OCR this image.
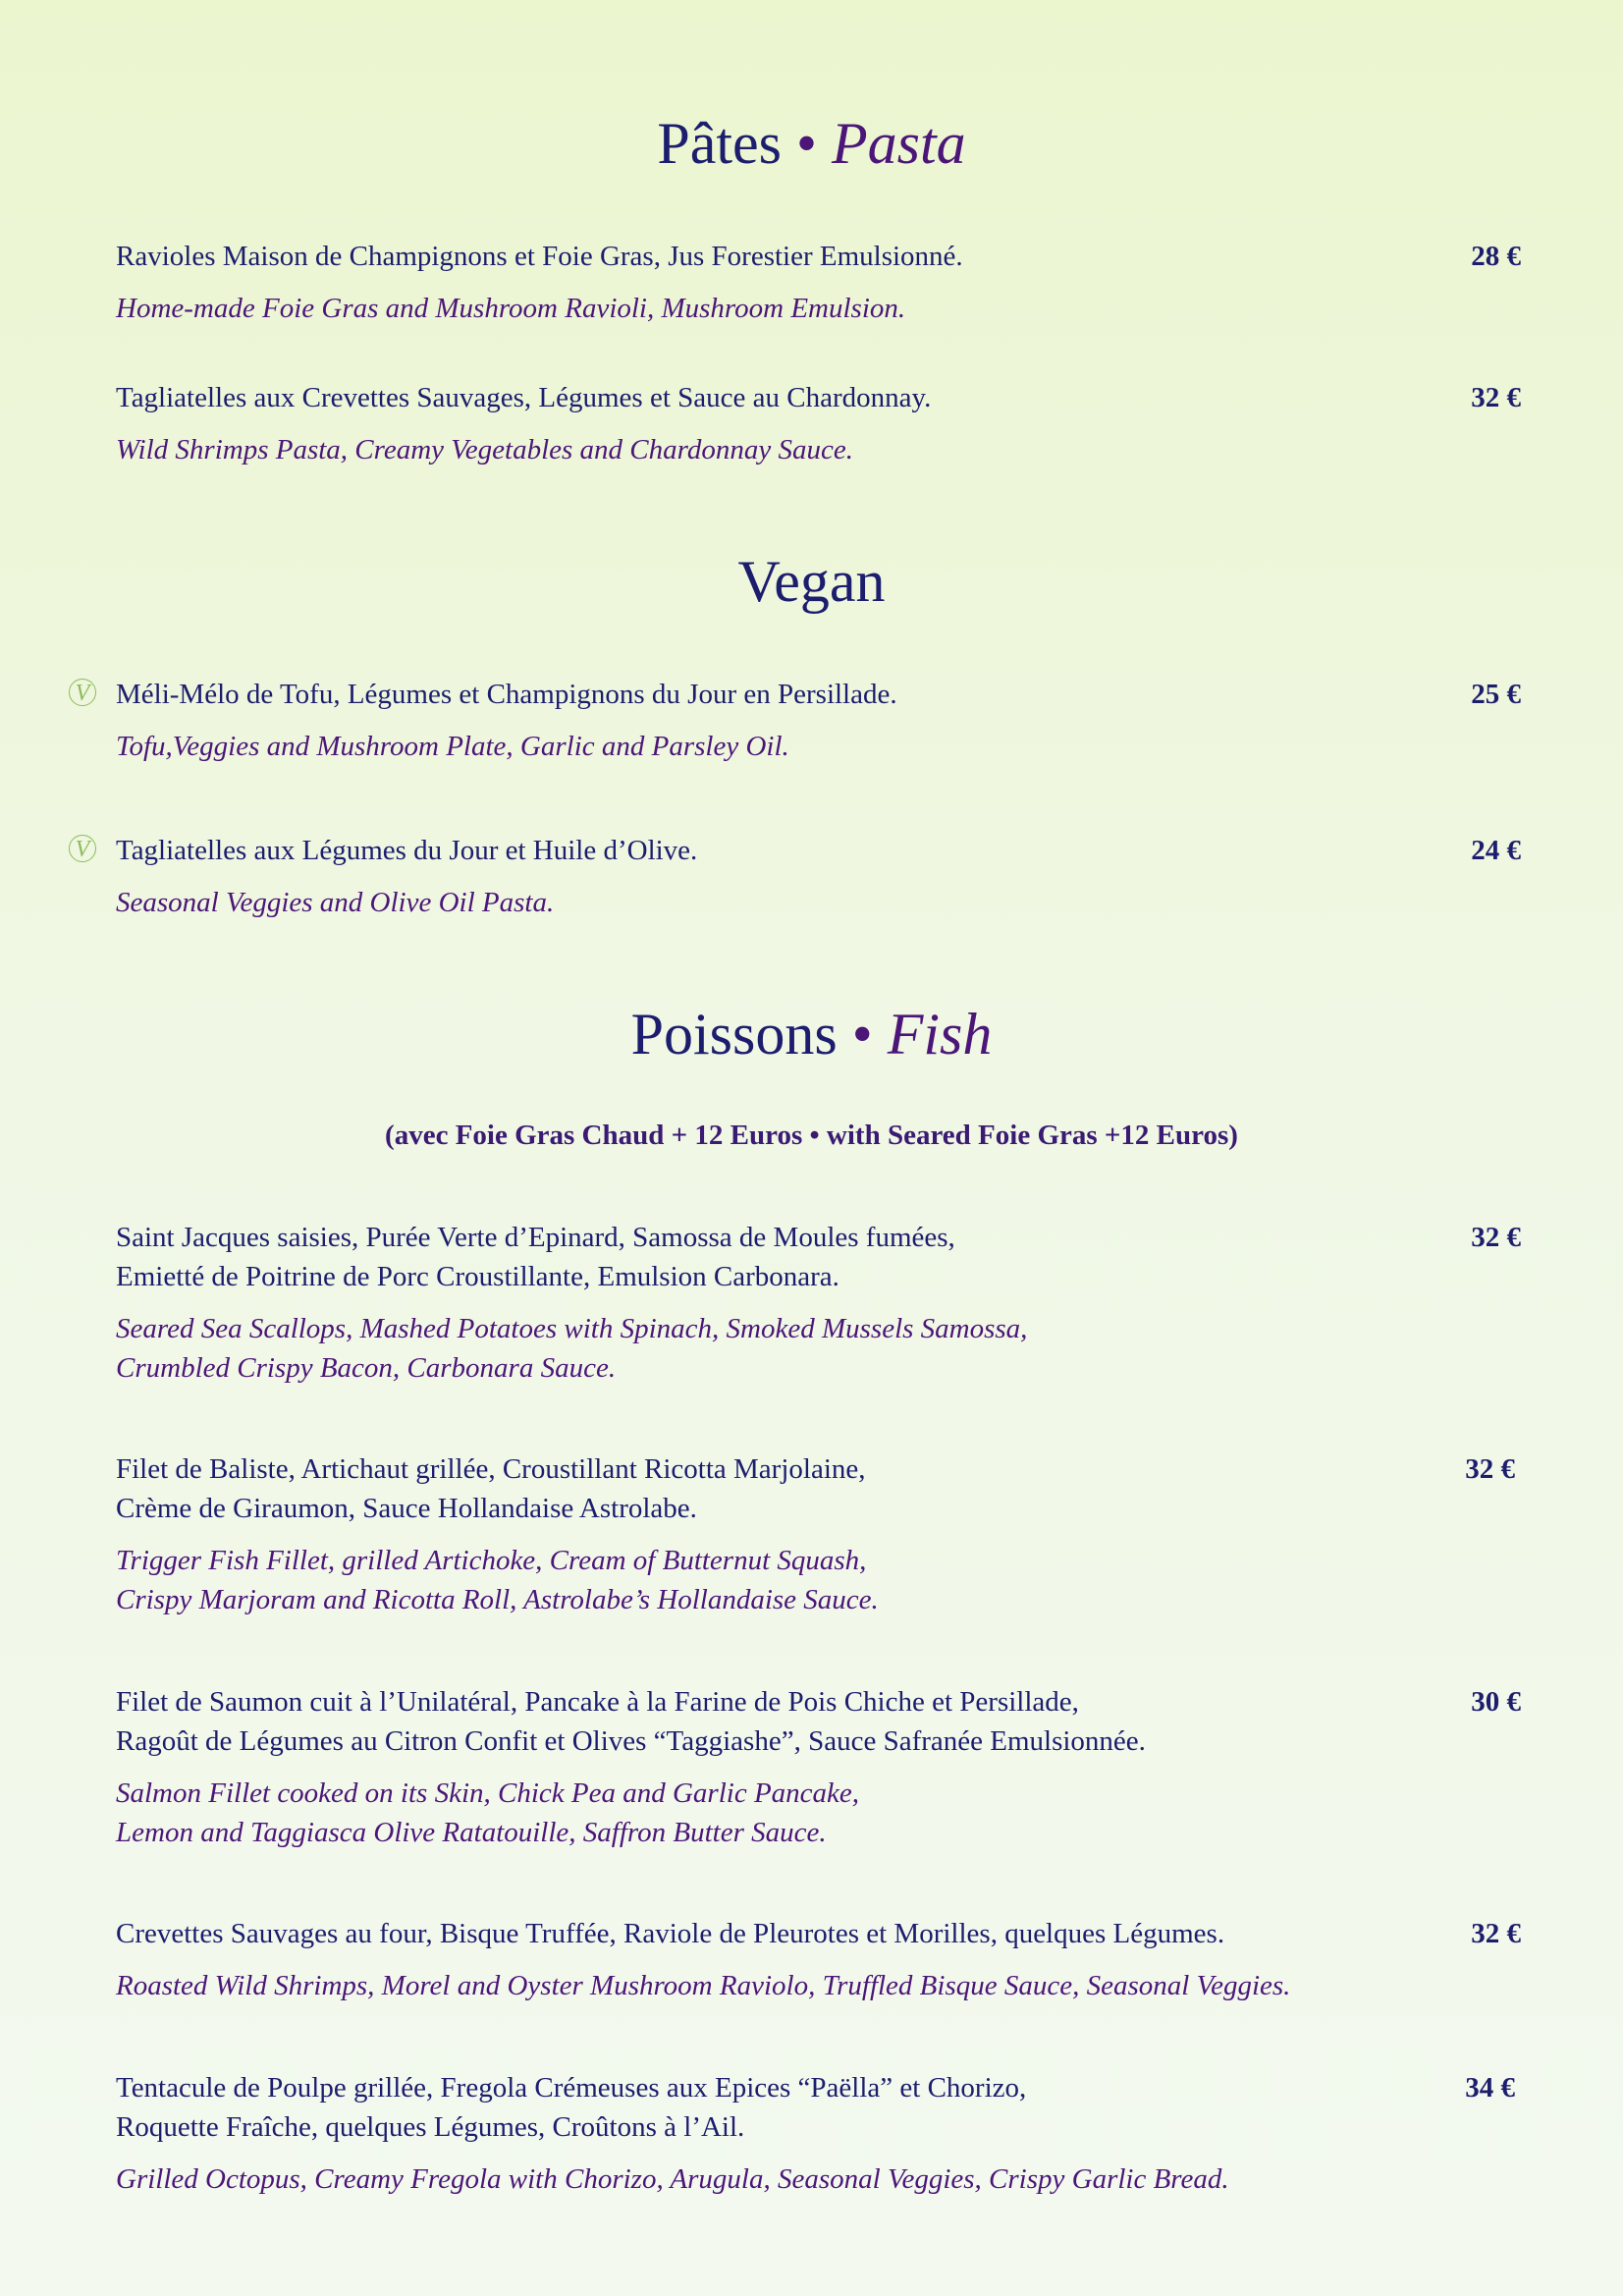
Pâtes • Pasta
Ravioles Maison de Champignons et Foie Gras, Jus Forestier Emulsionné.
Home-made Foie Gras and Mushroom Ravioli, Mushroom Emulsion.
28 €
Tagliatelles aux Crevettes Sauvages, Légumes et Sauce au Chardonnay.
Wild Shrimps Pasta, Creamy Vegetables and Chardonnay Sauce.
32 €
Vegan
V Méli-Mélo de Tofu, Légumes et Champignons du Jour en Persillade.
Tofu,Veggies and Mushroom Plate, Garlic and Parsley Oil.
25 €
V Tagliatelles aux Légumes du Jour et Huile d’Olive.
Seasonal Veggies and Olive Oil Pasta.
24 €
Poissons • Fish
(avec Foie Gras Chaud + 12 Euros • with Seared Foie Gras +12 Euros)
Saint Jacques saisies, Purée Verte d’Epinard, Samossa de Moules fumées,
Emietté de Poitrine de Porc Croustillante, Emulsion Carbonara.
Seared Sea Scallops, Mashed Potatoes with Spinach, Smoked Mussels Samossa,
Crumbled Crispy Bacon, Carbonara Sauce.
32 €
Filet de Baliste, Artichaut grillée, Croustillant Ricotta Marjolaine,
Crème de Giraumon, Sauce Hollandaise Astrolabe.
Trigger Fish Fillet, grilled Artichoke, Cream of Butternut Squash,
Crispy Marjoram and Ricotta Roll, Astrolabe’s Hollandaise Sauce.
32 €
Filet de Saumon cuit à l’Unilatéral, Pancake à la Farine de Pois Chiche et Persillade,
Ragoût de Légumes au Citron Confit et Olives “Taggiashe”, Sauce Safranée Emulsionnée.
Salmon Fillet cooked on its Skin, Chick Pea and Garlic Pancake,
Lemon and Taggiasca Olive Ratatouille, Saffron Butter Sauce.
30 €
Crevettes Sauvages au four, Bisque Truffée, Raviole de Pleurotes et Morilles, quelques Légumes.
Roasted Wild Shrimps, Morel and Oyster Mushroom Raviolo, Truffled Bisque Sauce, Seasonal Veggies.
32 €
Tentacule de Poulpe grillée, Fregola Crémeuses aux Epices “Paëlla” et Chorizo,
Roquette Fraîche, quelques Légumes, Croûtons à l’Ail.
Grilled Octopus, Creamy Fregola with Chorizo, Arugula, Seasonal Veggies, Crispy Garlic Bread.
34 €
